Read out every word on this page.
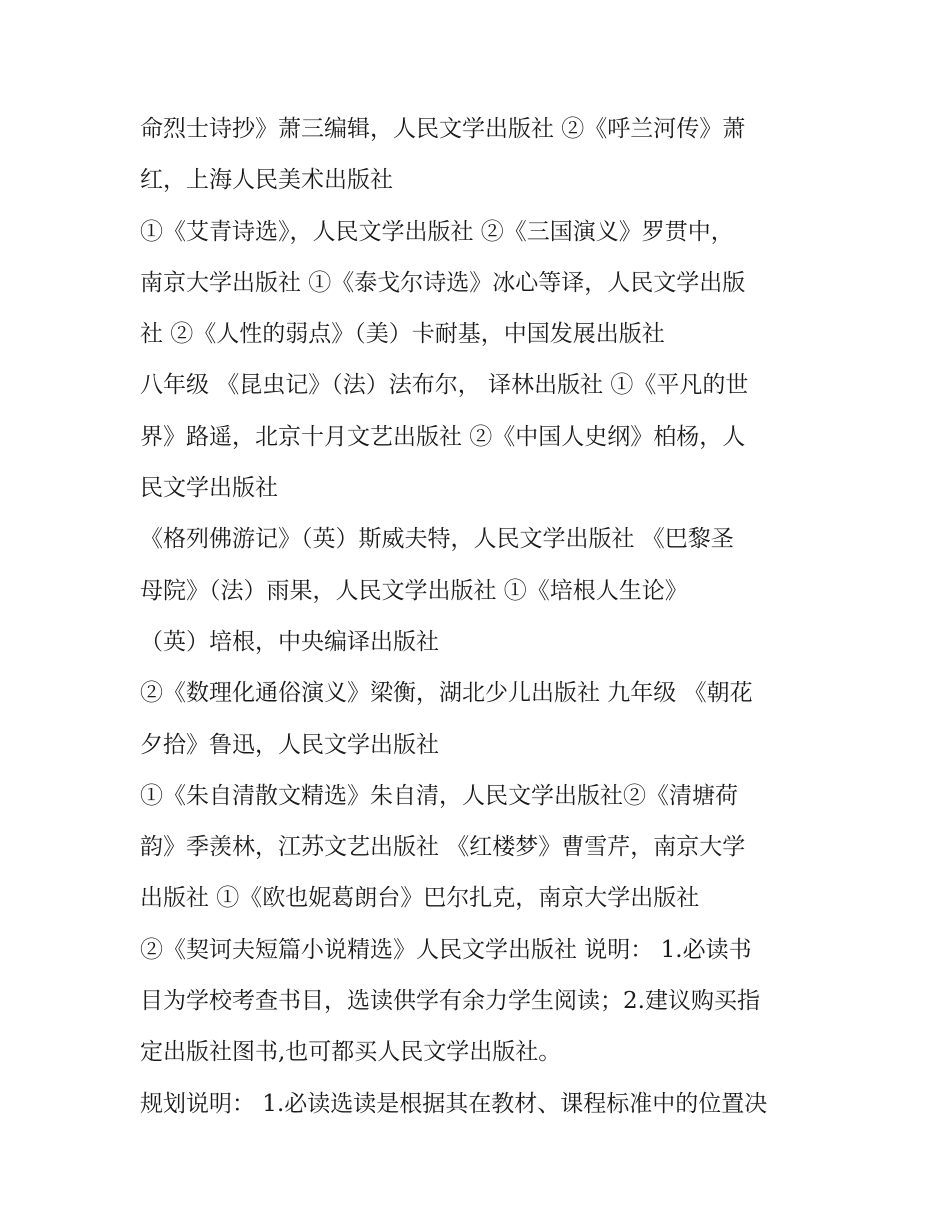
命烈士诗抄》萧三编辑，人民文学出版社 ②《呼兰河传》萧
红，上海人民美术出版社
①《艾青诗选》，人民文学出版社 ②《三国演义》罗贯中，
南京大学出版社 ①《泰戈尔诗选》冰心等译，人民文学出版
社 ②《人性的弱点》（美）卡耐基，中国发展出版社
八年级 《昆虫记》（法）法布尔， 译林出版社 ①《平凡的世
界》路遥，北京十月文艺出版社 ②《中国人史纲》柏杨，人
民文学出版社
《格列佛游记》（英）斯威夫特，人民文学出版社 《巴黎圣
母院》（法）雨果，人民文学出版社 ①《培根人生论》
（英）培根，中央编译出版社
②《数理化通俗演义》梁衡，湖北少儿出版社 九年级 《朝花
夕拾》鲁迅，人民文学出版社
①《朱自清散文精选》朱自清，人民文学出版社②《清塘荷
韵》季羡林，江苏文艺出版社 《红楼梦》曹雪芹，南京大学
出版社 ①《欧也妮葛朗台》巴尔扎克，南京大学出版社
②《契诃夫短篇小说精选》人民文学出版社 说明： 1.必读书
目为学校考查书目，选读供学有余力学生阅读；2.建议购买指
定出版社图书,也可都买人民文学出版社。
规划说明： 1.必读选读是根据其在教材、课程标准中的位置决
